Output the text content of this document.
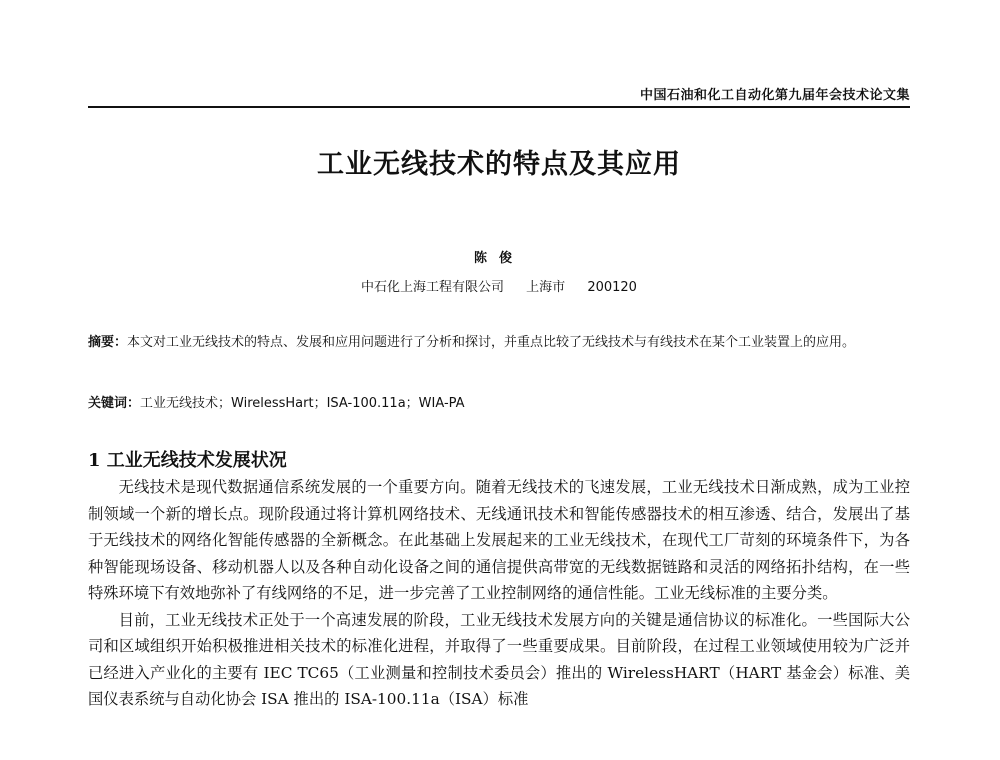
中国石油和化工自动化第九届年会技术论文集
工业无线技术的特点及其应用
陈俊
中石化上海工程有限公司 上海市 200120
摘要：本文对工业无线技术的特点、发展和应用问题进行了分析和探讨，并重点比较了无线技术与有线技术在某个工业装置上的应用。
关键词：工业无线技术；WirelessHart；ISA-100.11a；WIA-PA
1 工业无线技术发展状况

无线技术是现代数据通信系统发展的一个重要方向。随着无线技术的飞速发展，工业无线技术日渐成熟，成为工业控制领域一个新的增长点。现阶段通过将计算机网络技术、无线通讯技术和智能传感器技术的相互渗透、结合，发展出了基于无线技术的网络化智能传感器的全新概念。在此基础上发展起来的工业无线技术，在现代工厂苛刻的环境条件下，为各种智能现场设备、移动机器人以及各种自动化设备之间的通信提供高带宽的无线数据链路和灵活的网络拓扑结构，在一些特殊环境下有效地弥补了有线网络的不足，进一步完善了工业控制网络的通信性能。工业无线标准的主要分类。

目前，工业无线技术正处于一个高速发展的阶段，工业无线技术发展方向的关键是通信协议的标准化。一些国际大公司和区域组织开始积极推进相关技术的标准化进程，并取得了一些重要成果。目前阶段，在过程工业领域使用较为广泛并已经进入产业化的主要有 IEC TC65（工业测量和控制技术委员会）推出的 WirelessHART（HART 基金会）标准、美国仪表系统与自动化协会 ISA 推出的 ISA-100.11a（ISA）标准
